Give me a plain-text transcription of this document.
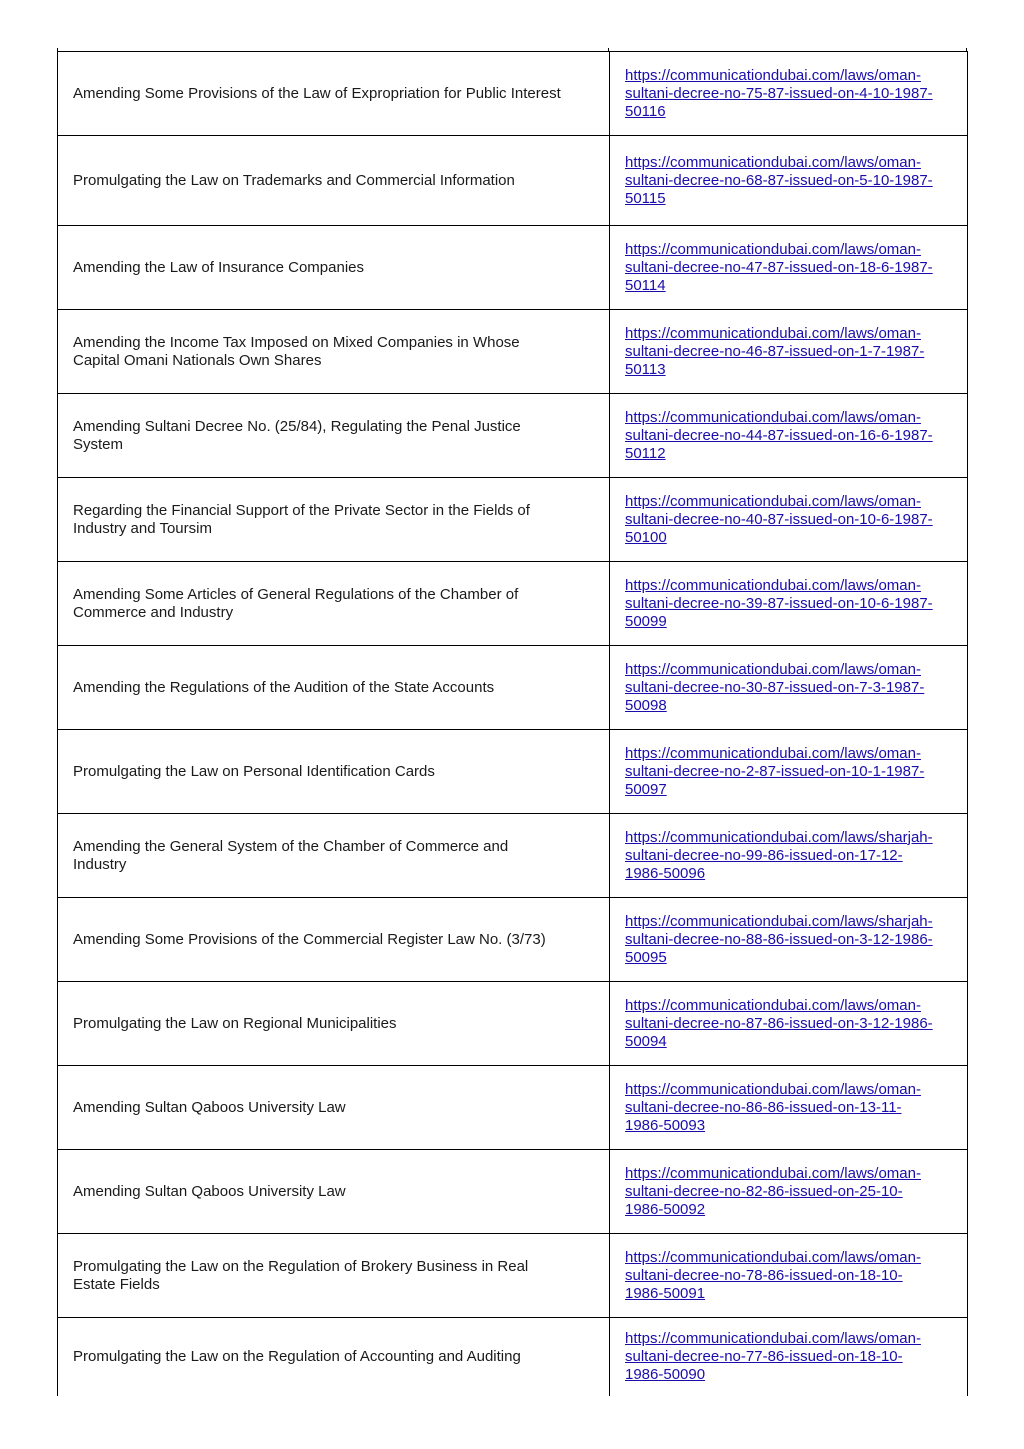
Amending Some Provisions of the Law of Expropriation for Public Interest	https://communicationdubai.com/laws/oman-
sultani-decree-no-75-87-issued-on-4-10-1987-
50116
Promulgating the Law on Trademarks and Commercial Information	https://communicationdubai.com/laws/oman-
sultani-decree-no-68-87-issued-on-5-10-1987-
50115
Amending the Law of Insurance Companies	https://communicationdubai.com/laws/oman-
sultani-decree-no-47-87-issued-on-18-6-1987-
50114
Amending the Income Tax Imposed on Mixed Companies in Whose
Capital Omani Nationals Own Shares	https://communicationdubai.com/laws/oman-
sultani-decree-no-46-87-issued-on-1-7-1987-
50113
Amending Sultani Decree No. (25/84), Regulating the Penal Justice
System	https://communicationdubai.com/laws/oman-
sultani-decree-no-44-87-issued-on-16-6-1987-
50112
Regarding the Financial Support of the Private Sector in the Fields of
Industry and Toursim	https://communicationdubai.com/laws/oman-
sultani-decree-no-40-87-issued-on-10-6-1987-
50100
Amending Some Articles of General Regulations of the Chamber of
Commerce and Industry	https://communicationdubai.com/laws/oman-
sultani-decree-no-39-87-issued-on-10-6-1987-
50099
Amending the Regulations of the Audition of the State Accounts	https://communicationdubai.com/laws/oman-
sultani-decree-no-30-87-issued-on-7-3-1987-
50098
Promulgating the Law on Personal Identification Cards	https://communicationdubai.com/laws/oman-
sultani-decree-no-2-87-issued-on-10-1-1987-
50097
Amending the General System of the Chamber of Commerce and
Industry	https://communicationdubai.com/laws/sharjah-
sultani-decree-no-99-86-issued-on-17-12-
1986-50096
Amending Some Provisions of the Commercial Register Law No. (3/73)	https://communicationdubai.com/laws/sharjah-
sultani-decree-no-88-86-issued-on-3-12-1986-
50095
Promulgating the Law on Regional Municipalities	https://communicationdubai.com/laws/oman-
sultani-decree-no-87-86-issued-on-3-12-1986-
50094
Amending Sultan Qaboos University Law	https://communicationdubai.com/laws/oman-
sultani-decree-no-86-86-issued-on-13-11-
1986-50093
Amending Sultan Qaboos University Law	https://communicationdubai.com/laws/oman-
sultani-decree-no-82-86-issued-on-25-10-
1986-50092
Promulgating the Law on the Regulation of Brokery Business in Real
Estate Fields	https://communicationdubai.com/laws/oman-
sultani-decree-no-78-86-issued-on-18-10-
1986-50091
Promulgating the Law on the Regulation of Accounting and Auditing	https://communicationdubai.com/laws/oman-
sultani-decree-no-77-86-issued-on-18-10-
1986-50090
